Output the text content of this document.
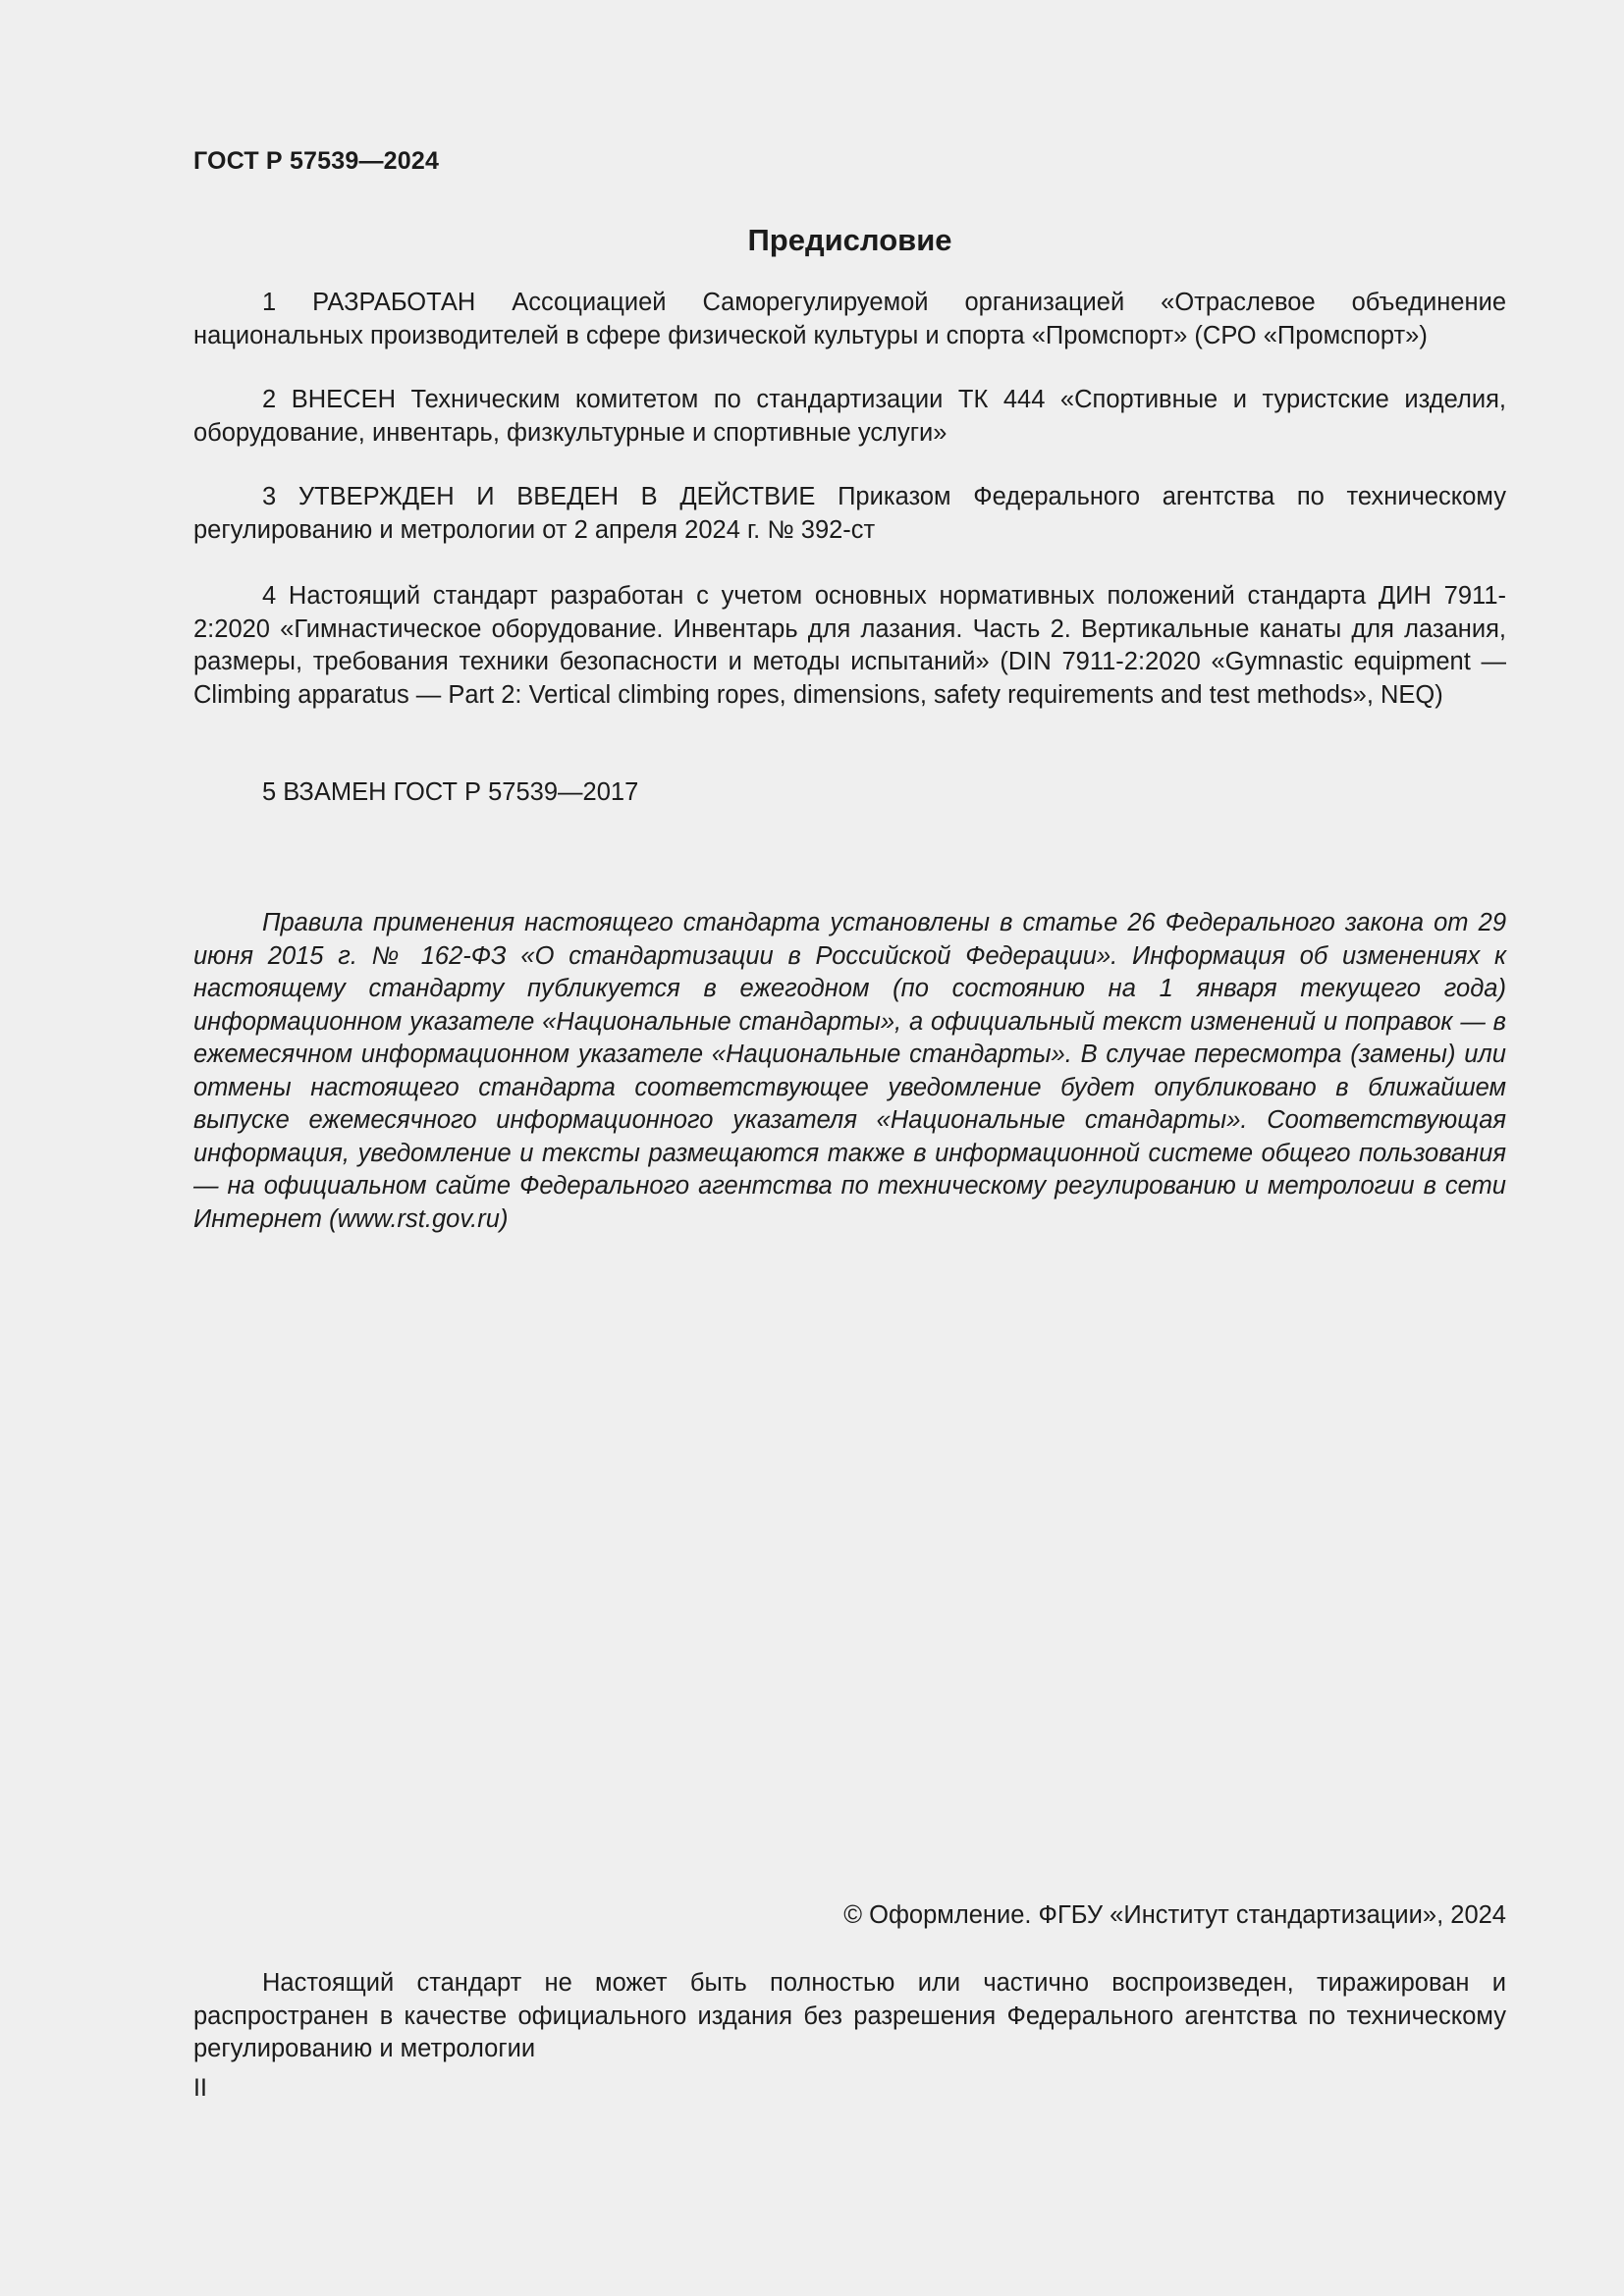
ГОСТ Р 57539—2024
Предисловие

1 РАЗРАБОТАН Ассоциацией Саморегулируемой организацией «Отраслевое объединение национальных производителей в сфере физической культуры и спорта «Промспорт» (СРО «Промспорт»)

2 ВНЕСЕН Техническим комитетом по стандартизации ТК 444 «Спортивные и туристские изделия, оборудование, инвентарь, физкультурные и спортивные услуги»

3 УТВЕРЖДЕН И ВВЕДЕН В ДЕЙСТВИЕ Приказом Федерального агентства по техническому регулированию и метрологии от 2 апреля 2024 г. № 392-ст

4 Настоящий стандарт разработан с учетом основных нормативных положений стандарта ДИН 7911-2:2020 «Гимнастическое оборудование. Инвентарь для лазания. Часть 2. Вертикальные канаты для лазания, размеры, требования техники безопасности и методы испытаний» (DIN 7911-2:2020 «Gymnastic equipment — Climbing apparatus — Part 2: Vertical climbing ropes, dimensions, safety requirements and test methods», NEQ)

5 ВЗАМЕН ГОСТ Р 57539—2017

Правила применения настоящего стандарта установлены в статье 26 Федерального закона от 29 июня 2015 г. № 162-ФЗ «О стандартизации в Российской Федерации». Информация об изменениях к настоящему стандарту публикуется в ежегодном (по состоянию на 1 января текущего года) информационном указателе «Национальные стандарты», а официальный текст изменений и поправок — в ежемесячном информационном указателе «Национальные стандарты». В случае пересмотра (замены) или отмены настоящего стандарта соответствующее уведомление будет опубликовано в ближайшем выпуске ежемесячного информационного указателя «Национальные стандарты». Соответствующая информация, уведомление и тексты размещаются также в информационной системе общего пользования — на официальном сайте Федерального агентства по техническому регулированию и метрологии в сети Интернет (www.rst.gov.ru)

© Оформление. ФГБУ «Институт стандартизации», 2024

Настоящий стандарт не может быть полностью или частично воспроизведен, тиражирован и распространен в качестве официального издания без разрешения Федерального агентства по техническому регулированию и метрологии

II
